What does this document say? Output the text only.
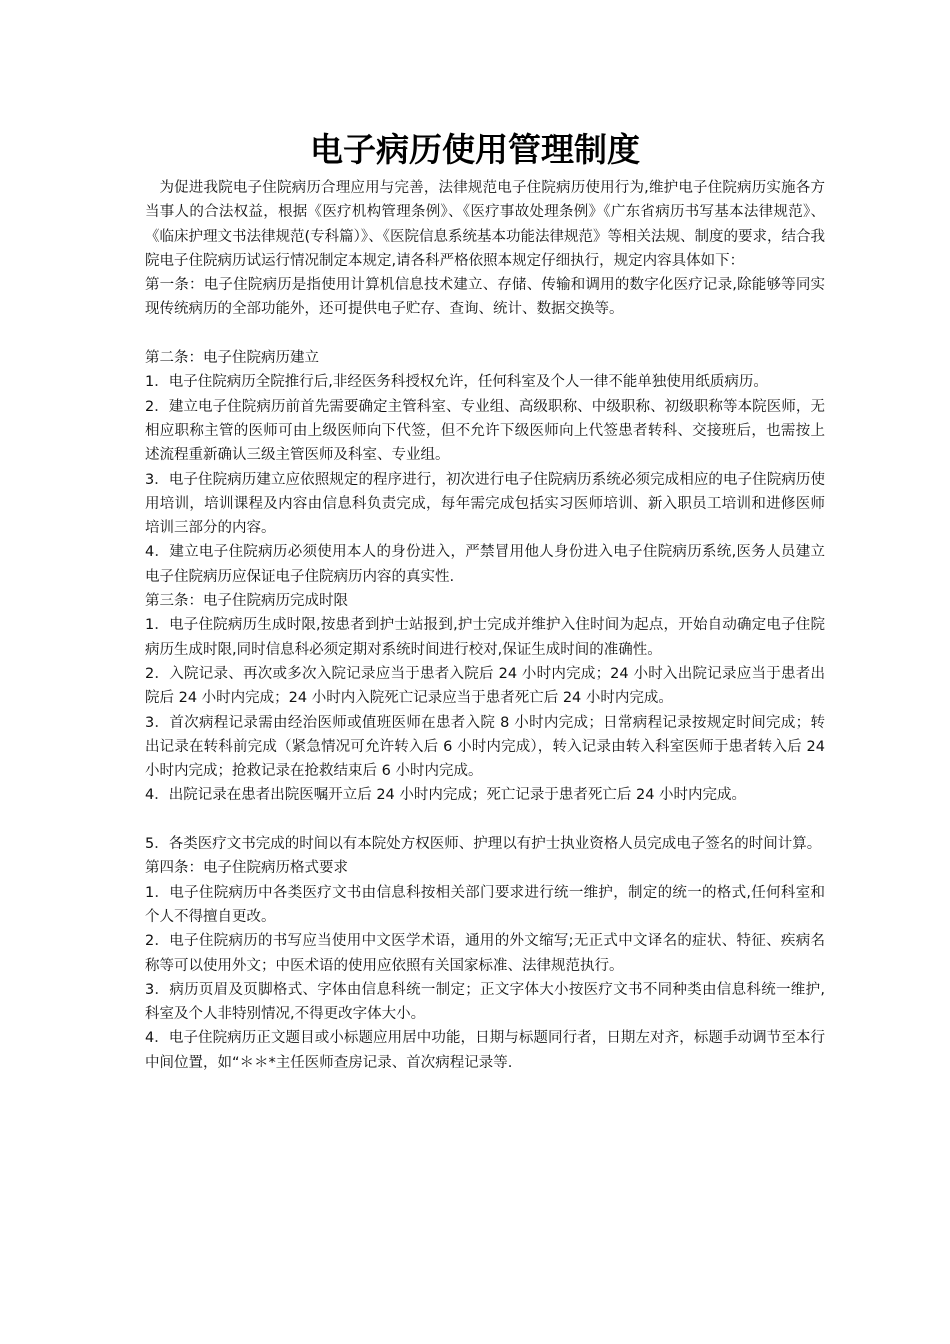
电子病历使用管理制度

为促进我院电子住院病历合理应用与完善，法律规范电子住院病历使用行为,维护电子住院病历实施各方当事人的合法权益，根据《医疗机构管理条例》、《医疗事故处理条例》《广东省病历书写基本法律规范》、《临床护理文书法律规范(专科篇）》、《医院信息系统基本功能法律规范》等相关法规、制度的要求，结合我院电子住院病历试运行情况制定本规定,请各科严格依照本规定仔细执行，规定内容具体如下：

第一条：电子住院病历是指使用计算机信息技术建立、存储、传输和调用的数字化医疗记录,除能够等同实现传统病历的全部功能外，还可提供电子贮存、查询、统计、数据交换等。

第二条：电子住院病历建立

1．电子住院病历全院推行后,非经医务科授权允许，任何科室及个人一律不能单独使用纸质病历。

2．建立电子住院病历前首先需要确定主管科室、专业组、高级职称、中级职称、初级职称等本院医师，无相应职称主管的医师可由上级医师向下代签，但不允许下级医师向上代签患者转科、交接班后，也需按上述流程重新确认三级主管医师及科室、专业组。

3．电子住院病历建立应依照规定的程序进行，初次进行电子住院病历系统必须完成相应的电子住院病历使用培训，培训课程及内容由信息科负责完成，每年需完成包括实习医师培训、新入职员工培训和进修医师培训三部分的内容。

4．建立电子住院病历必须使用本人的身份进入，严禁冒用他人身份进入电子住院病历系统,医务人员建立电子住院病历应保证电子住院病历内容的真实性.

第三条：电子住院病历完成时限

1．电子住院病历生成时限,按患者到护士站报到,护士完成并维护入住时间为起点，开始自动确定电子住院病历生成时限,同时信息科必须定期对系统时间进行校对,保证生成时间的准确性。

2．入院记录、再次或多次入院记录应当于患者入院后 24 小时内完成；24 小时入出院记录应当于患者出院后 24 小时内完成；24 小时内入院死亡记录应当于患者死亡后 24 小时内完成。

3．首次病程记录需由经治医师或值班医师在患者入院 8 小时内完成；日常病程记录按规定时间完成；转出记录在转科前完成（紧急情况可允许转入后 6 小时内完成），转入记录由转入科室医师于患者转入后 24 小时内完成；抢救记录在抢救结束后 6 小时内完成。

4．出院记录在患者出院医嘱开立后 24 小时内完成；死亡记录于患者死亡后 24 小时内完成。

5．各类医疗文书完成的时间以有本院处方权医师、护理以有护士执业资格人员完成电子签名的时间计算。

第四条：电子住院病历格式要求

1．电子住院病历中各类医疗文书由信息科按相关部门要求进行统一维护，制定的统一的格式,任何科室和个人不得擅自更改。

2．电子住院病历的书写应当使用中文医学术语，通用的外文缩写;无正式中文译名的症状、特征、疾病名称等可以使用外文；中医术语的使用应依照有关国家标准、法律规范执行。

3．病历页眉及页脚格式、字体由信息科统一制定；正文字体大小按医疗文书不同种类由信息科统一维护,科室及个人非特别情况,不得更改字体大小。

4．电子住院病历正文题目或小标题应用居中功能，日期与标题同行者，日期左对齐，标题手动调节至本行中间位置，如“＊＊*主任医师查房记录、首次病程记录等.
